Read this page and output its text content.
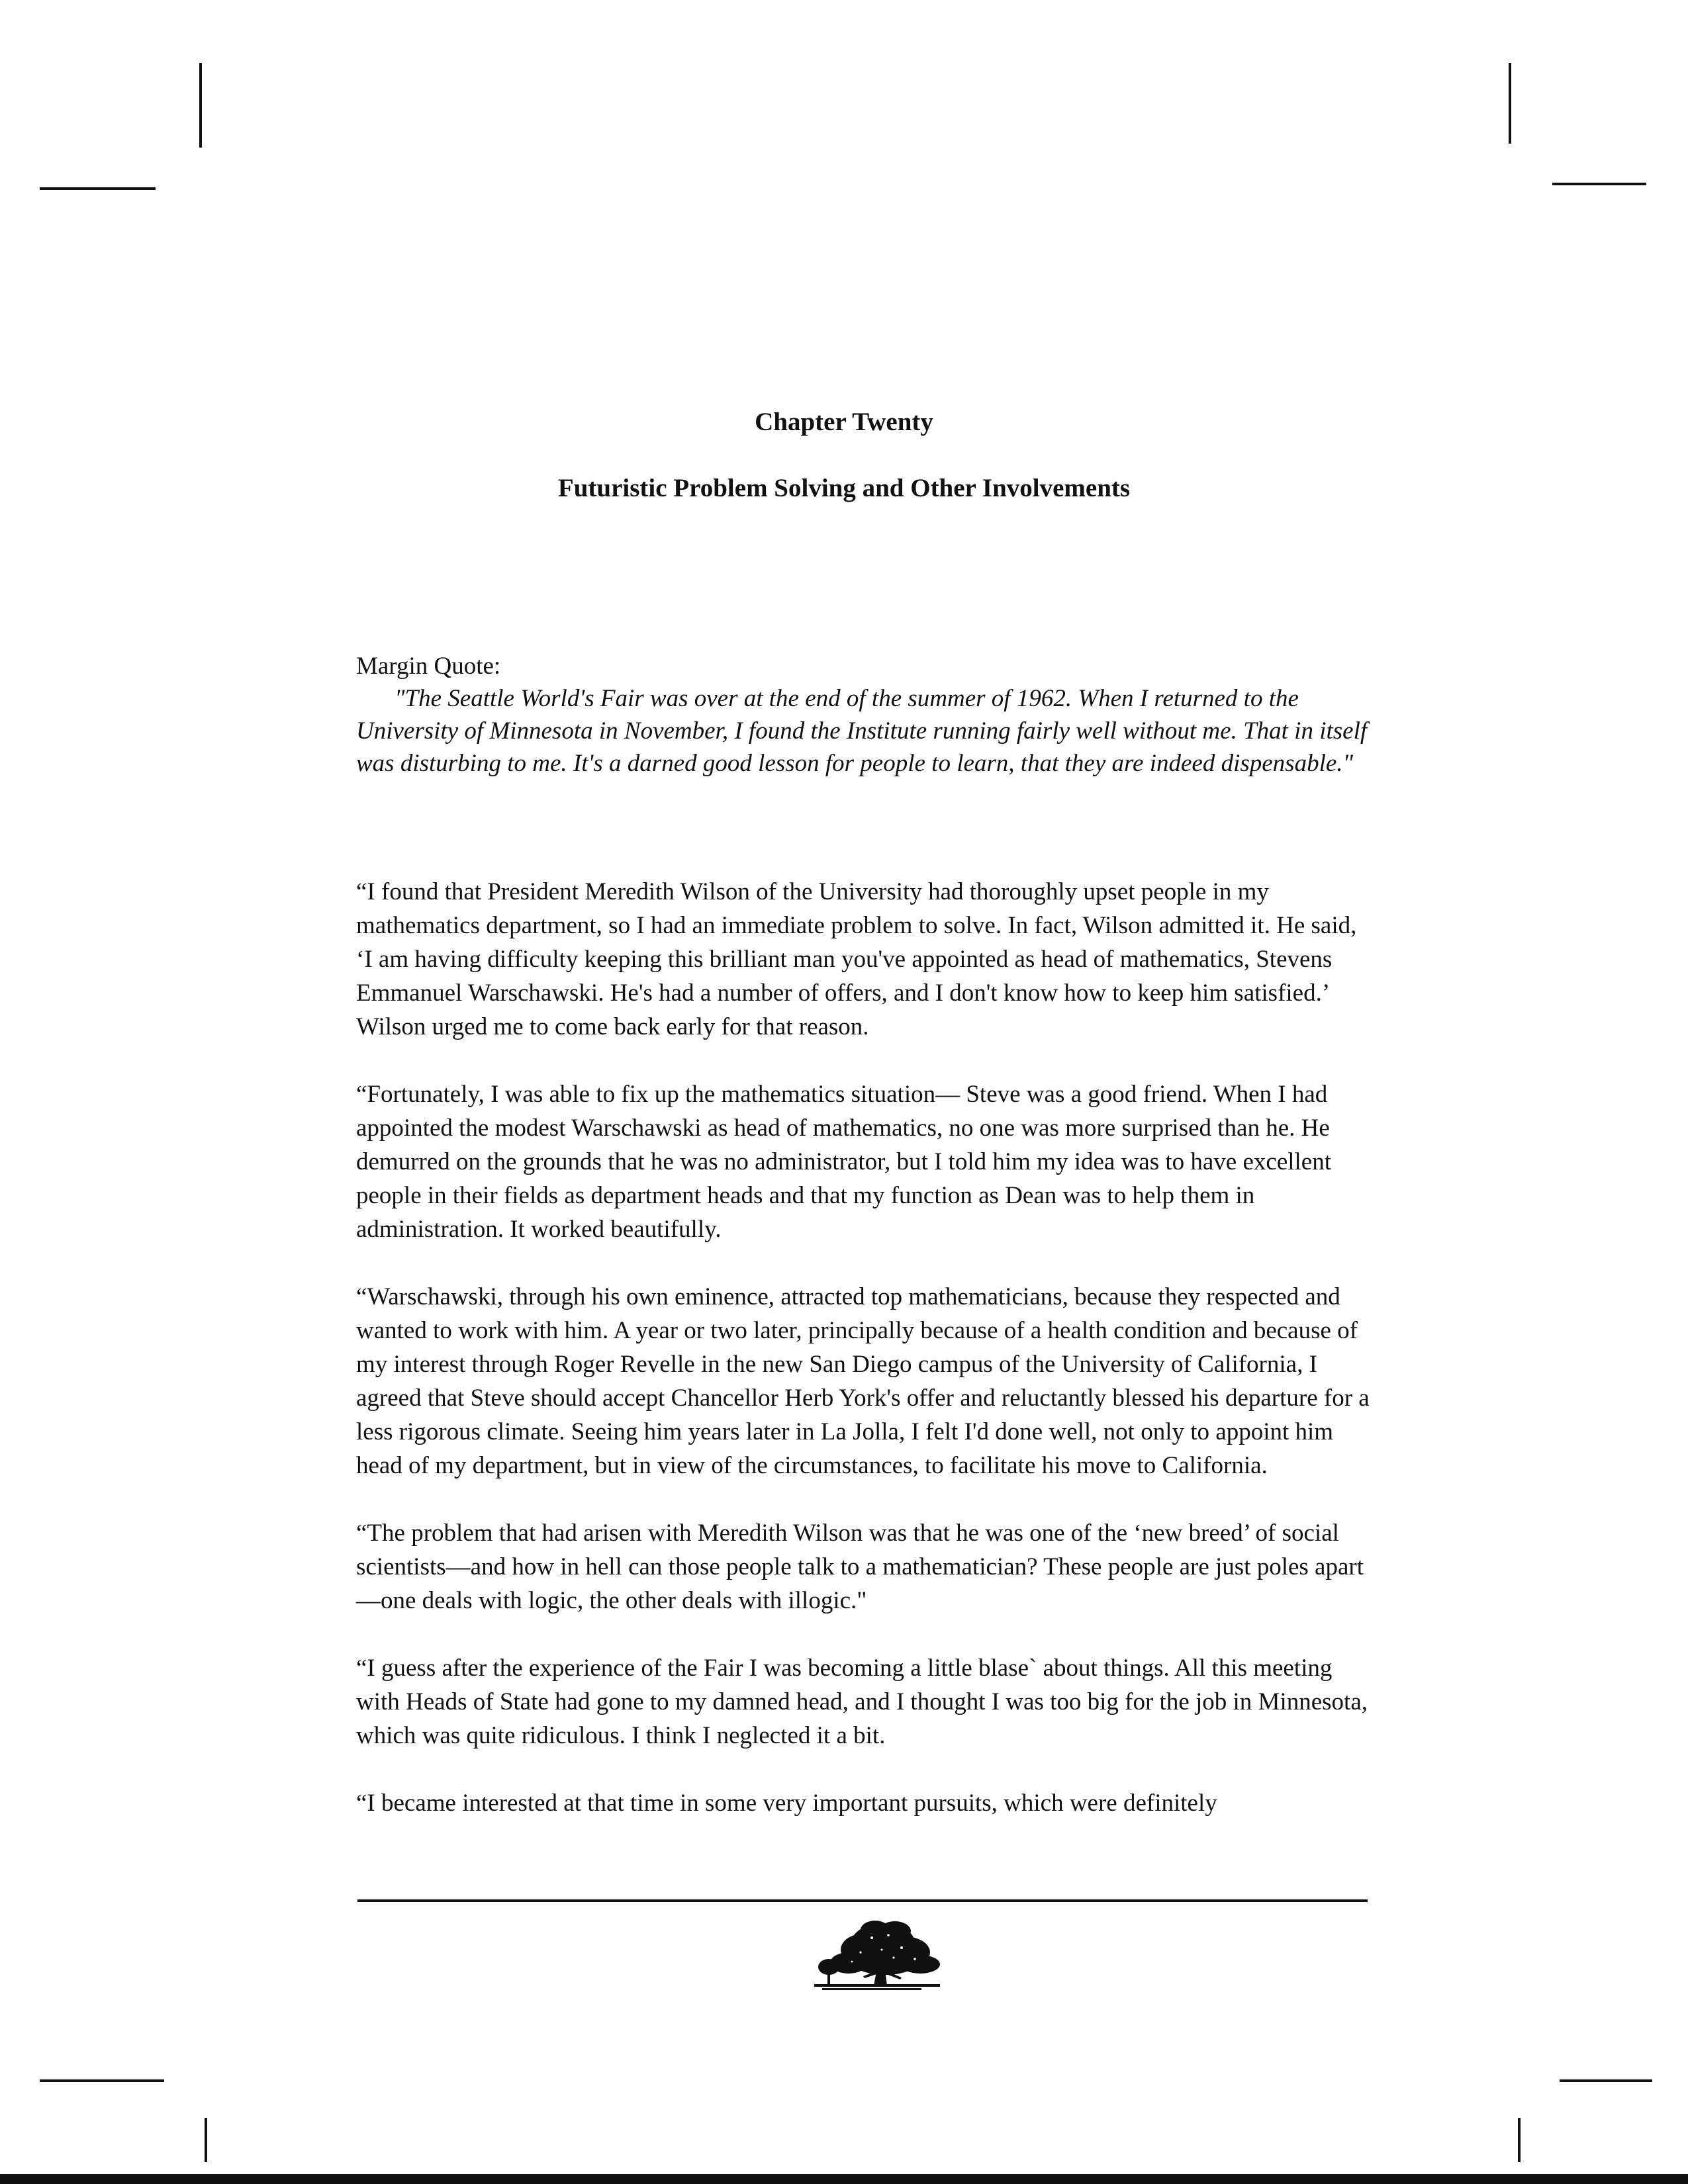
Chapter Twenty
Futuristic Problem Solving and Other Involvements
Margin Quote:

"The Seattle World's Fair was over at the end of the summer of 1962. When I returned to the University of Minnesota in November, I found the Institute running fairly well without me. That in itself was disturbing to me. It's a darned good lesson for people to learn, that they are indeed dispensable."

“I found that President Meredith Wilson of the University had thoroughly upset people in my mathematics department, so I had an immediate problem to solve. In fact, Wilson admitted it. He said, ‘I am having difficulty keeping this brilliant man you've appointed as head of mathematics, Stevens Emmanuel Warschawski. He's had a number of offers, and I don't know how to keep him satisfied.’ Wilson urged me to come back early for that reason.

“Fortunately, I was able to fix up the mathematics situation— Steve was a good friend. When I had appointed the modest Warschawski as head of mathematics, no one was more surprised than he. He demurred on the grounds that he was no administrator, but I told him my idea was to have excellent people in their fields as department heads and that my function as Dean was to help them in administration. It worked beautifully.

“Warschawski, through his own eminence, attracted top mathematicians, because they respected and wanted to work with him. A year or two later, principally because of a health condition and because of my interest through Roger Revelle in the new San Diego campus of the University of California, I agreed that Steve should accept Chancellor Herb York's offer and reluctantly blessed his departure for a less rigorous climate. Seeing him years later in La Jolla, I felt I'd done well, not only to appoint him head of my department, but in view of the circumstances, to facilitate his move to California.

“The problem that had arisen with Meredith Wilson was that he was one of the ‘new breed’ of social scientists—and how in hell can those people talk to a mathematician? These people are just poles apart—one deals with logic, the other deals with illogic."

“I guess after the experience of the Fair I was becoming a little blase` about things. All this meeting with Heads of State had gone to my damned head, and I thought I was too big for the job in Minnesota, which was quite ridiculous. I think I neglected it a bit.

“I became interested at that time in some very important pursuits, which were definitely
